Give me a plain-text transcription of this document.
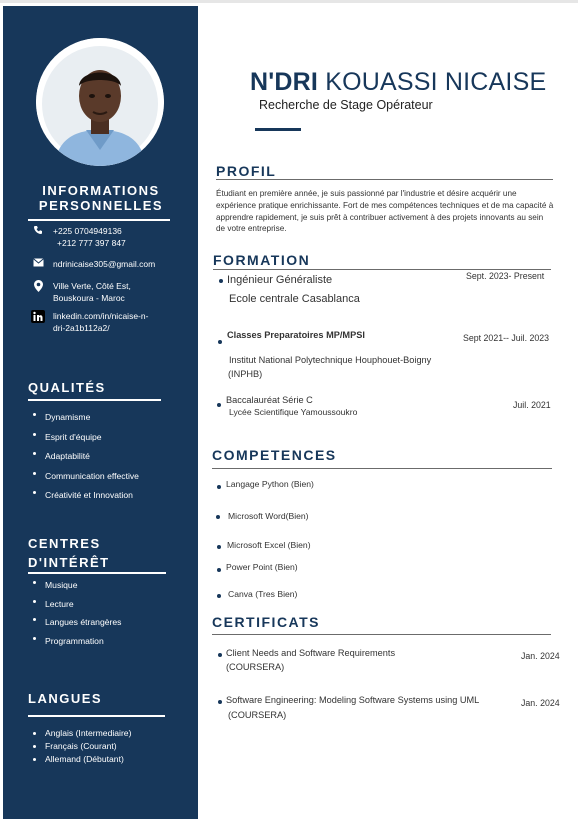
INFORMATIONS
PERSONNELLES
+225 0704949136
+212 777 397 847
ndrinicaise305@gmail.com
Ville Verte, Côté Est,
Bouskoura - Maroc
linkedin.com/in/nicaise-n-
dri-2a1b112a2/
QUALITÉS
Dynamisme
Esprit d'équipe
Adaptabilité
Communication effective
Créativité et Innovation
CENTRES
D'INTÉRÊT
Musique
Lecture
Langues étrangères
Programmation
LANGUES
Anglais (Intermediaire)
Français (Courant)
Allemand (Débutant)
N'DRI KOUASSI NICAISE
Recherche de Stage Opérateur
PROFIL
Étudiant en première année, je suis passionné par l'industrie et désire acquérir une expérience pratique enrichissante. Fort de mes compétences techniques et de ma capacité à apprendre rapidement, je suis prêt à contribuer activement à des projets innovants au sein de votre entreprise.
FORMATION
Ingénieur Généraliste	Sept. 2023- Present
Ecole centrale Casablanca
Classes Preparatoires MP/MPSI	Sept 2021-- Juil. 2023
Institut National Polytechnique Houphouet-Boigny
(INPHB)
Baccalauréat Série C	Juil. 2021
Lycée Scientifique Yamoussoukro
COMPETENCES
Langage Python (Bien)
Microsoft Word(Bien)
Microsoft Excel (Bien)
Power Point (Bien)
Canva (Tres Bien)
CERTIFICATS
Client Needs and Software Requirements	Jan. 2024
(COURSERA)
Software Engineering: Modeling Software Systems using UML	Jan. 2024
(COURSERA)
